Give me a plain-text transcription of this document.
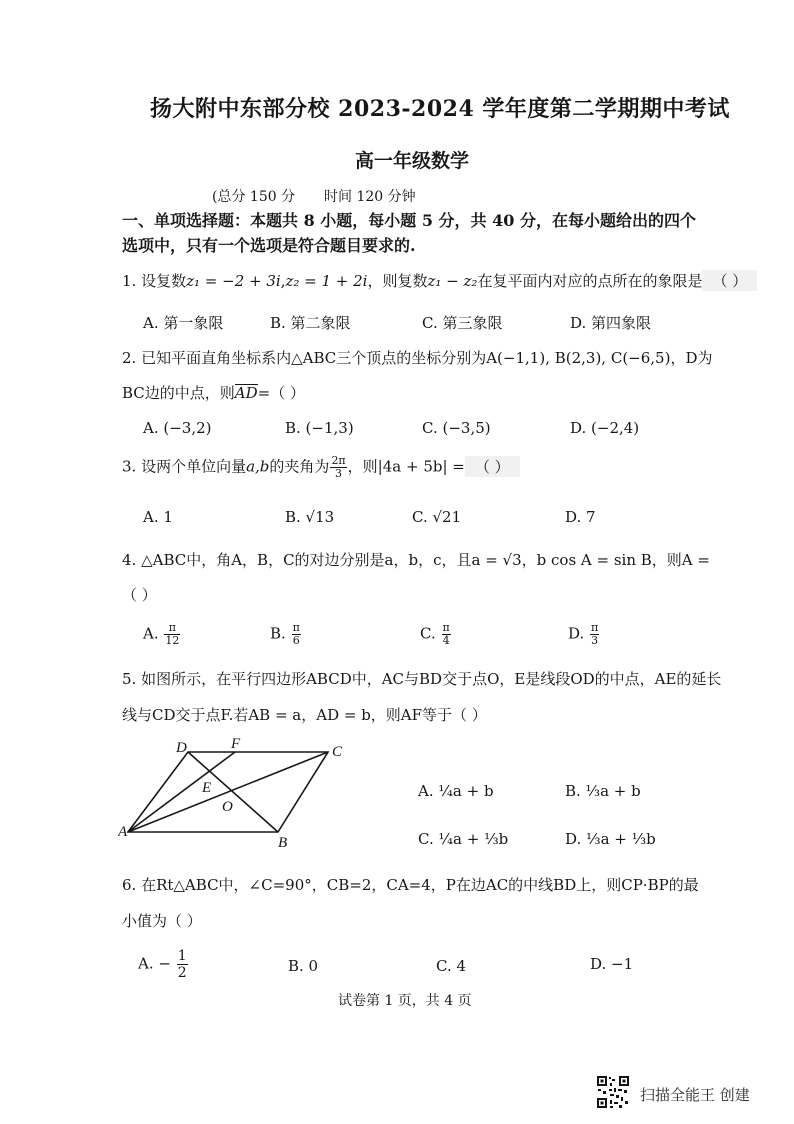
扬大附中东部分校 2023-2024 学年度第二学期期中考试
高一年级数学
(总分 150 分 时间 120 分钟
一、单项选择题：本题共 8 小题，每小题 5 分，共 40 分，在每小题给出的四个
选项中，只有一个选项是符合题目要求的.
1. 设复数z₁ = −2 + 3i,z₂ = 1 + 2i，则复数z₁ − z₂在复平面内对应的点所在的象限是 （ ）
A. 第一象限	B. 第二象限	C. 第三象限	D. 第四象限
2. 已知平面直角坐标系内△ABC三个顶点的坐标分别为A(−1,1), B(2,3), C(−6,5)，D为
BC边的中点，则AD=（ ）
A. (−3,2)	B. (−1,3)	C. (−3,5)	D. (−2,4)
3. 设两个单位向量a,b的夹角为 $\frac{2\pi}{3}$ ，则|4a + 5b| = （ ）
A. 1	B. √13	C. √21	D. 7
4. △ABC中，角A，B，C的对边分别是a，b，c，且a = √3，b cos A = sin B，则A =
（ ）
A. $\frac{\pi}{12}$	B. $\frac{\pi}{6}$	C. $\frac{\pi}{4}$	D. $\frac{\pi}{3}$
5. 如图所示，在平行四边形ABCD中，AC与BD交于点O，E是线段OD的中点，AE的延长
线与CD交于点F.若AB = a，AD = b，则AF等于（ ）
A
B
C
D
E
F
O
A. ¼a + b	B. ⅓a + b
C. ¼a + ⅓b	D. ⅓a + ⅓b
6. 在Rt△ABC中，∠C=90°，CB=2，CA=4，P在边AC的中线BD上，则CP·BP的最
小值为（ ）
A. − $\frac{1}{2}$	B. 0	C. 4	D. −1
试卷第 1 页，共 4 页
扫描全能王 创建
